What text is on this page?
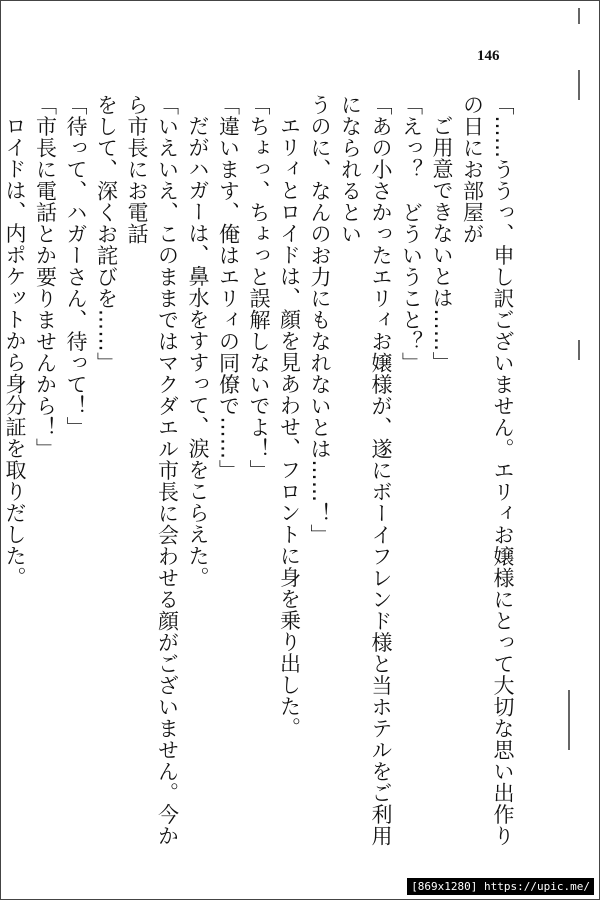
146
「……ううっ、申し訳ございません。エリィお嬢様にとって大切な思い出作りの日にお部屋が
ご用意できないとは……」
「えっ？　どういうこと？」
「あの小さかったエリィお嬢様が、遂にボーイフレンド様と当ホテルをご利用になられるとい
うのに、なんのお力にもなれないとは……！」
エリィとロイドは、顔を見あわせ、フロントに身を乗り出した。
「ちょっ、ちょっと誤解しないでよ！」
「違います、俺はエリィの同僚で……」
だがハガーは、鼻水をすすって、涙をこらえた。
「いえいえ、このままではマクダエル市長に会わせる顔がございません。今から市長にお電話
をして、深くお詫びを……」
「待って、ハガーさん、待って！」
「市長に電話とか要りませんから！」
ロイドは、内ポケットから身分証を取りだした。
[869x1280] https://upic.me/
